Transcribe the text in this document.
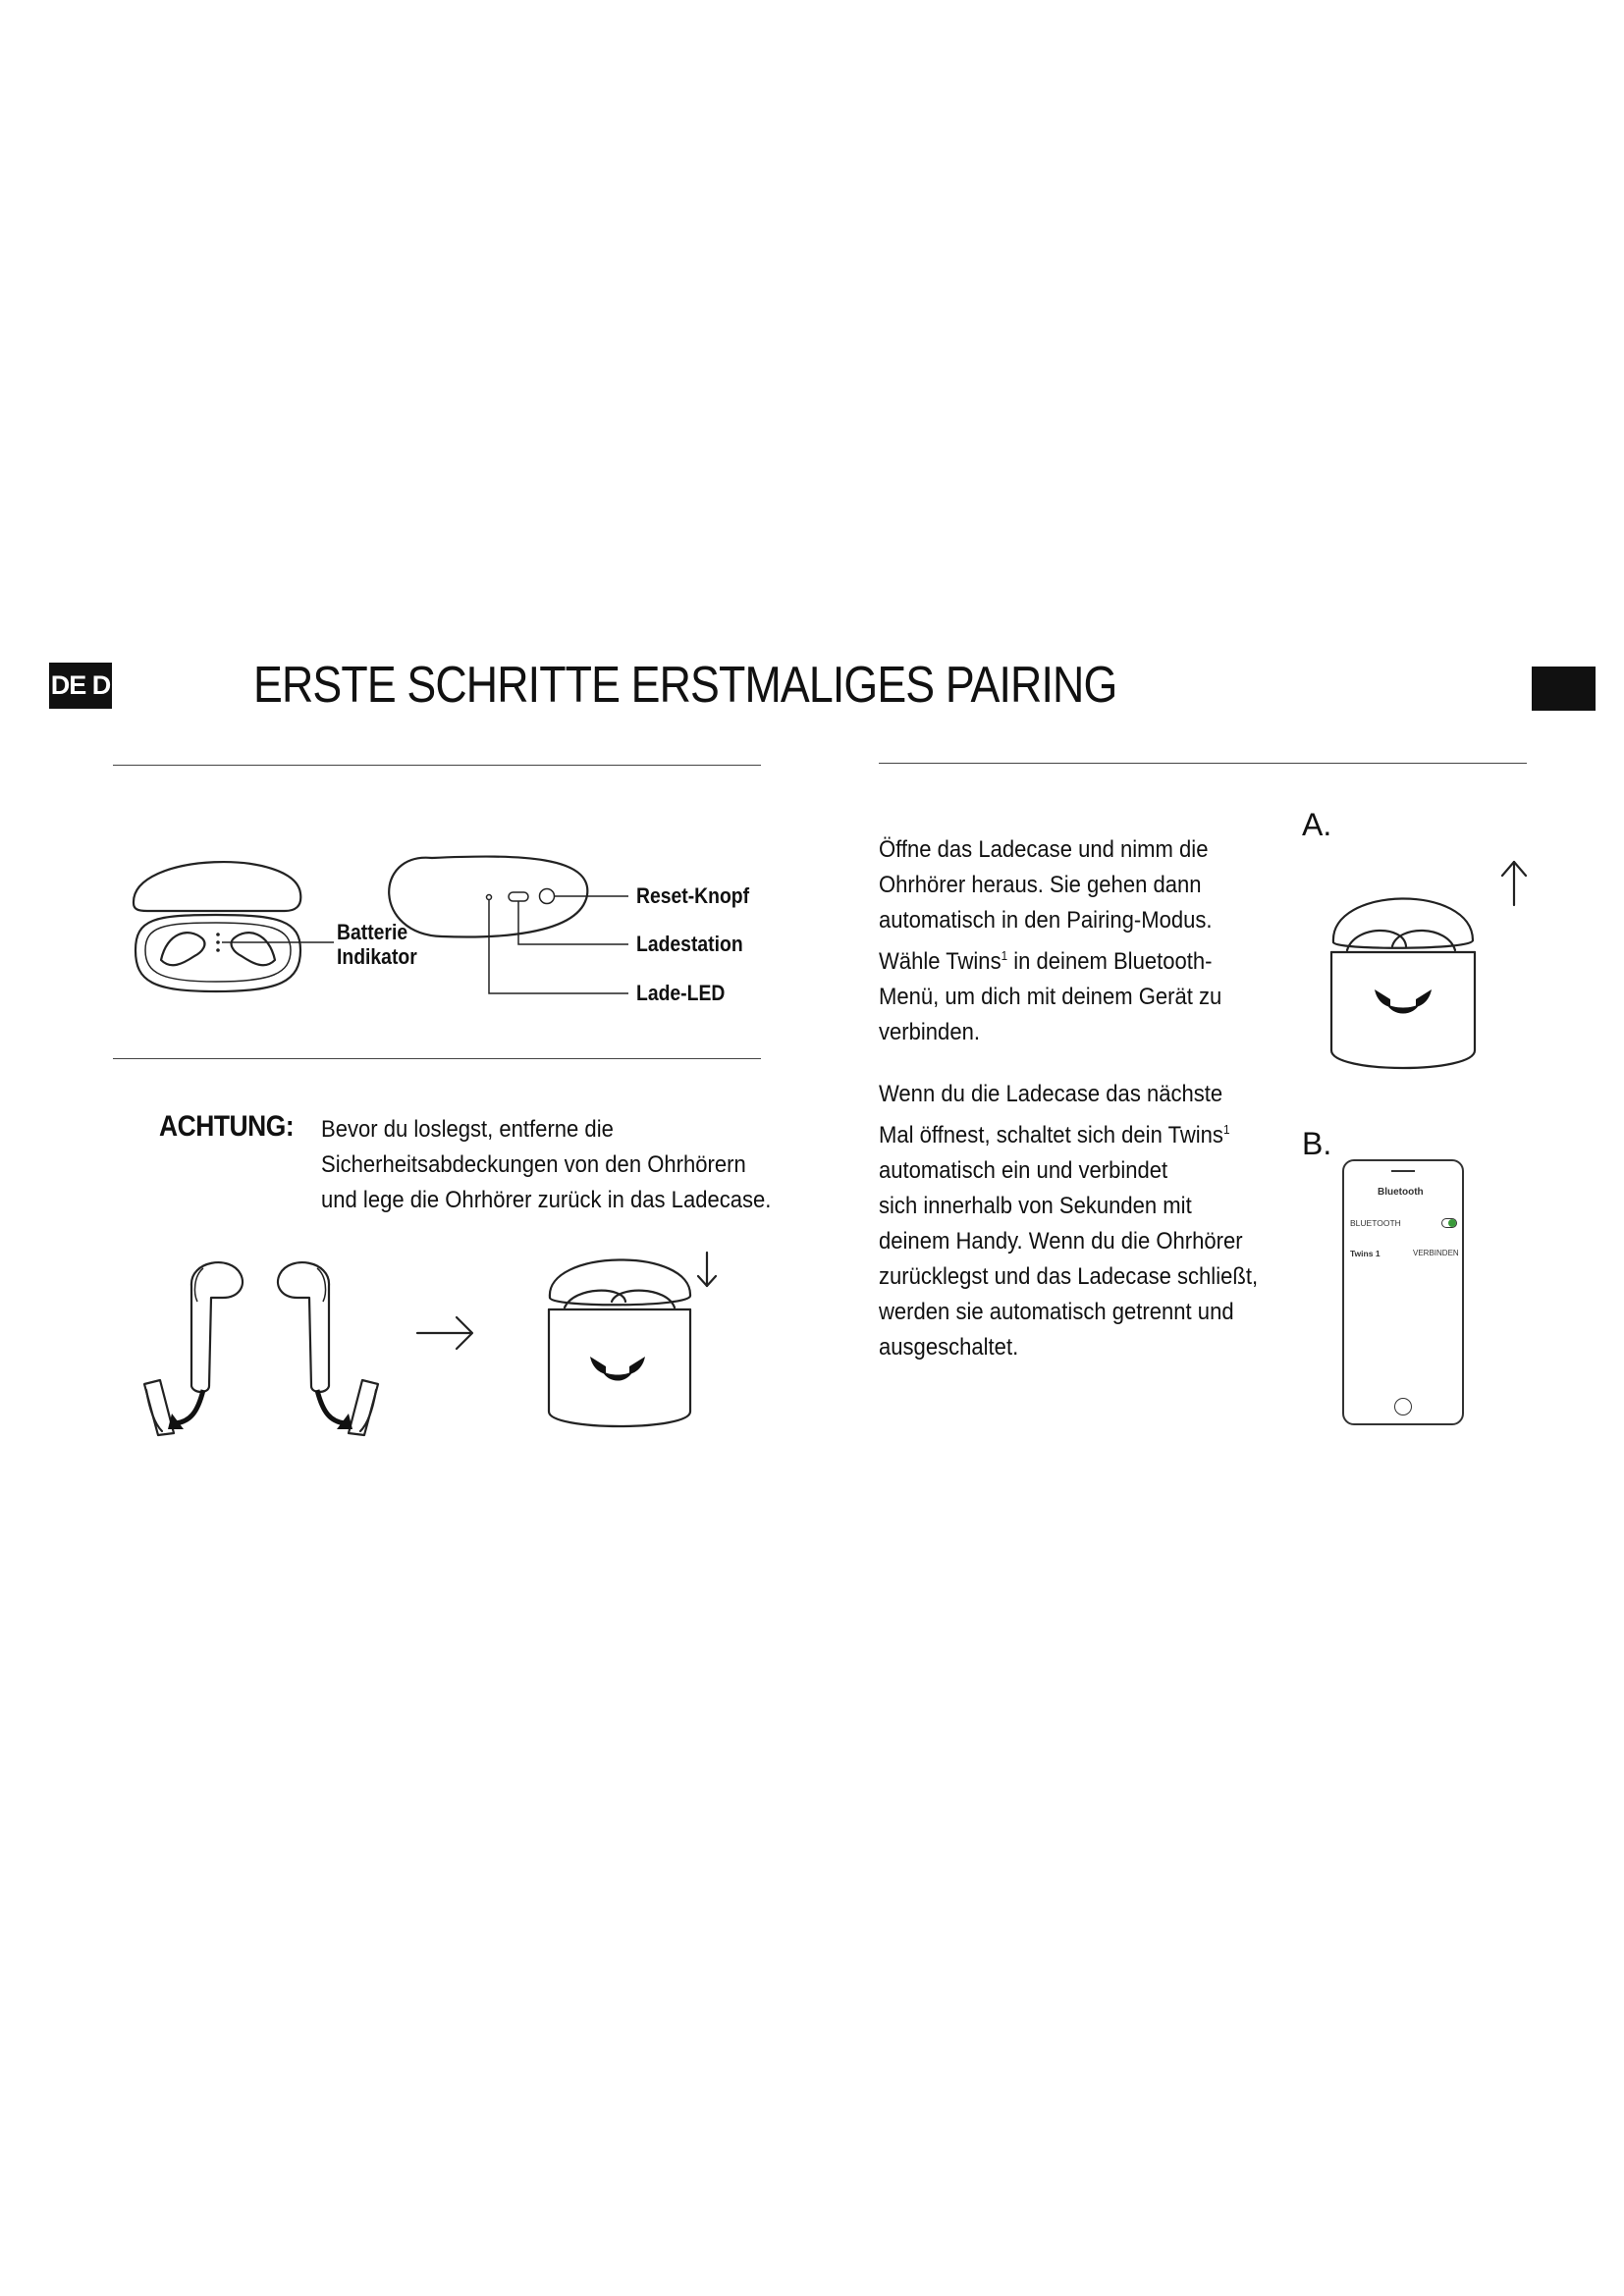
DE D	ERSTE SCHRITTE ERSTMALIGES PAIRING
Batterie
Indikator
Reset-Knopf
Ladestation
Lade-LED
ACHTUNG: Bevor du loslegst, entferne die

Sicherheitsabdeckungen von den Ohrhörern

und lege die Ohrhörer zurück in das Ladecase.

Öffne das Ladecase und nimm die

Ohrhörer heraus. Sie gehen dann

automatisch in den Pairing-Modus.

Wähle Twins$^1$ in deinem Bluetooth-

Menü, um dich mit deinem Gerät zu

verbinden.

Wenn du die Ladecase das nächste

Mal öffnest, schaltet sich dein Twins$^1$

automatisch ein und verbindet

sich innerhalb von Sekunden mit

deinem Handy. Wenn du die Ohrhörer

zurücklegst und das Ladecase schließt,

werden sie automatisch getrennt und

ausgeschaltet.

A.
B.
Bluetooth
BLUETOOTH
Twins 1	VERBINDEN
